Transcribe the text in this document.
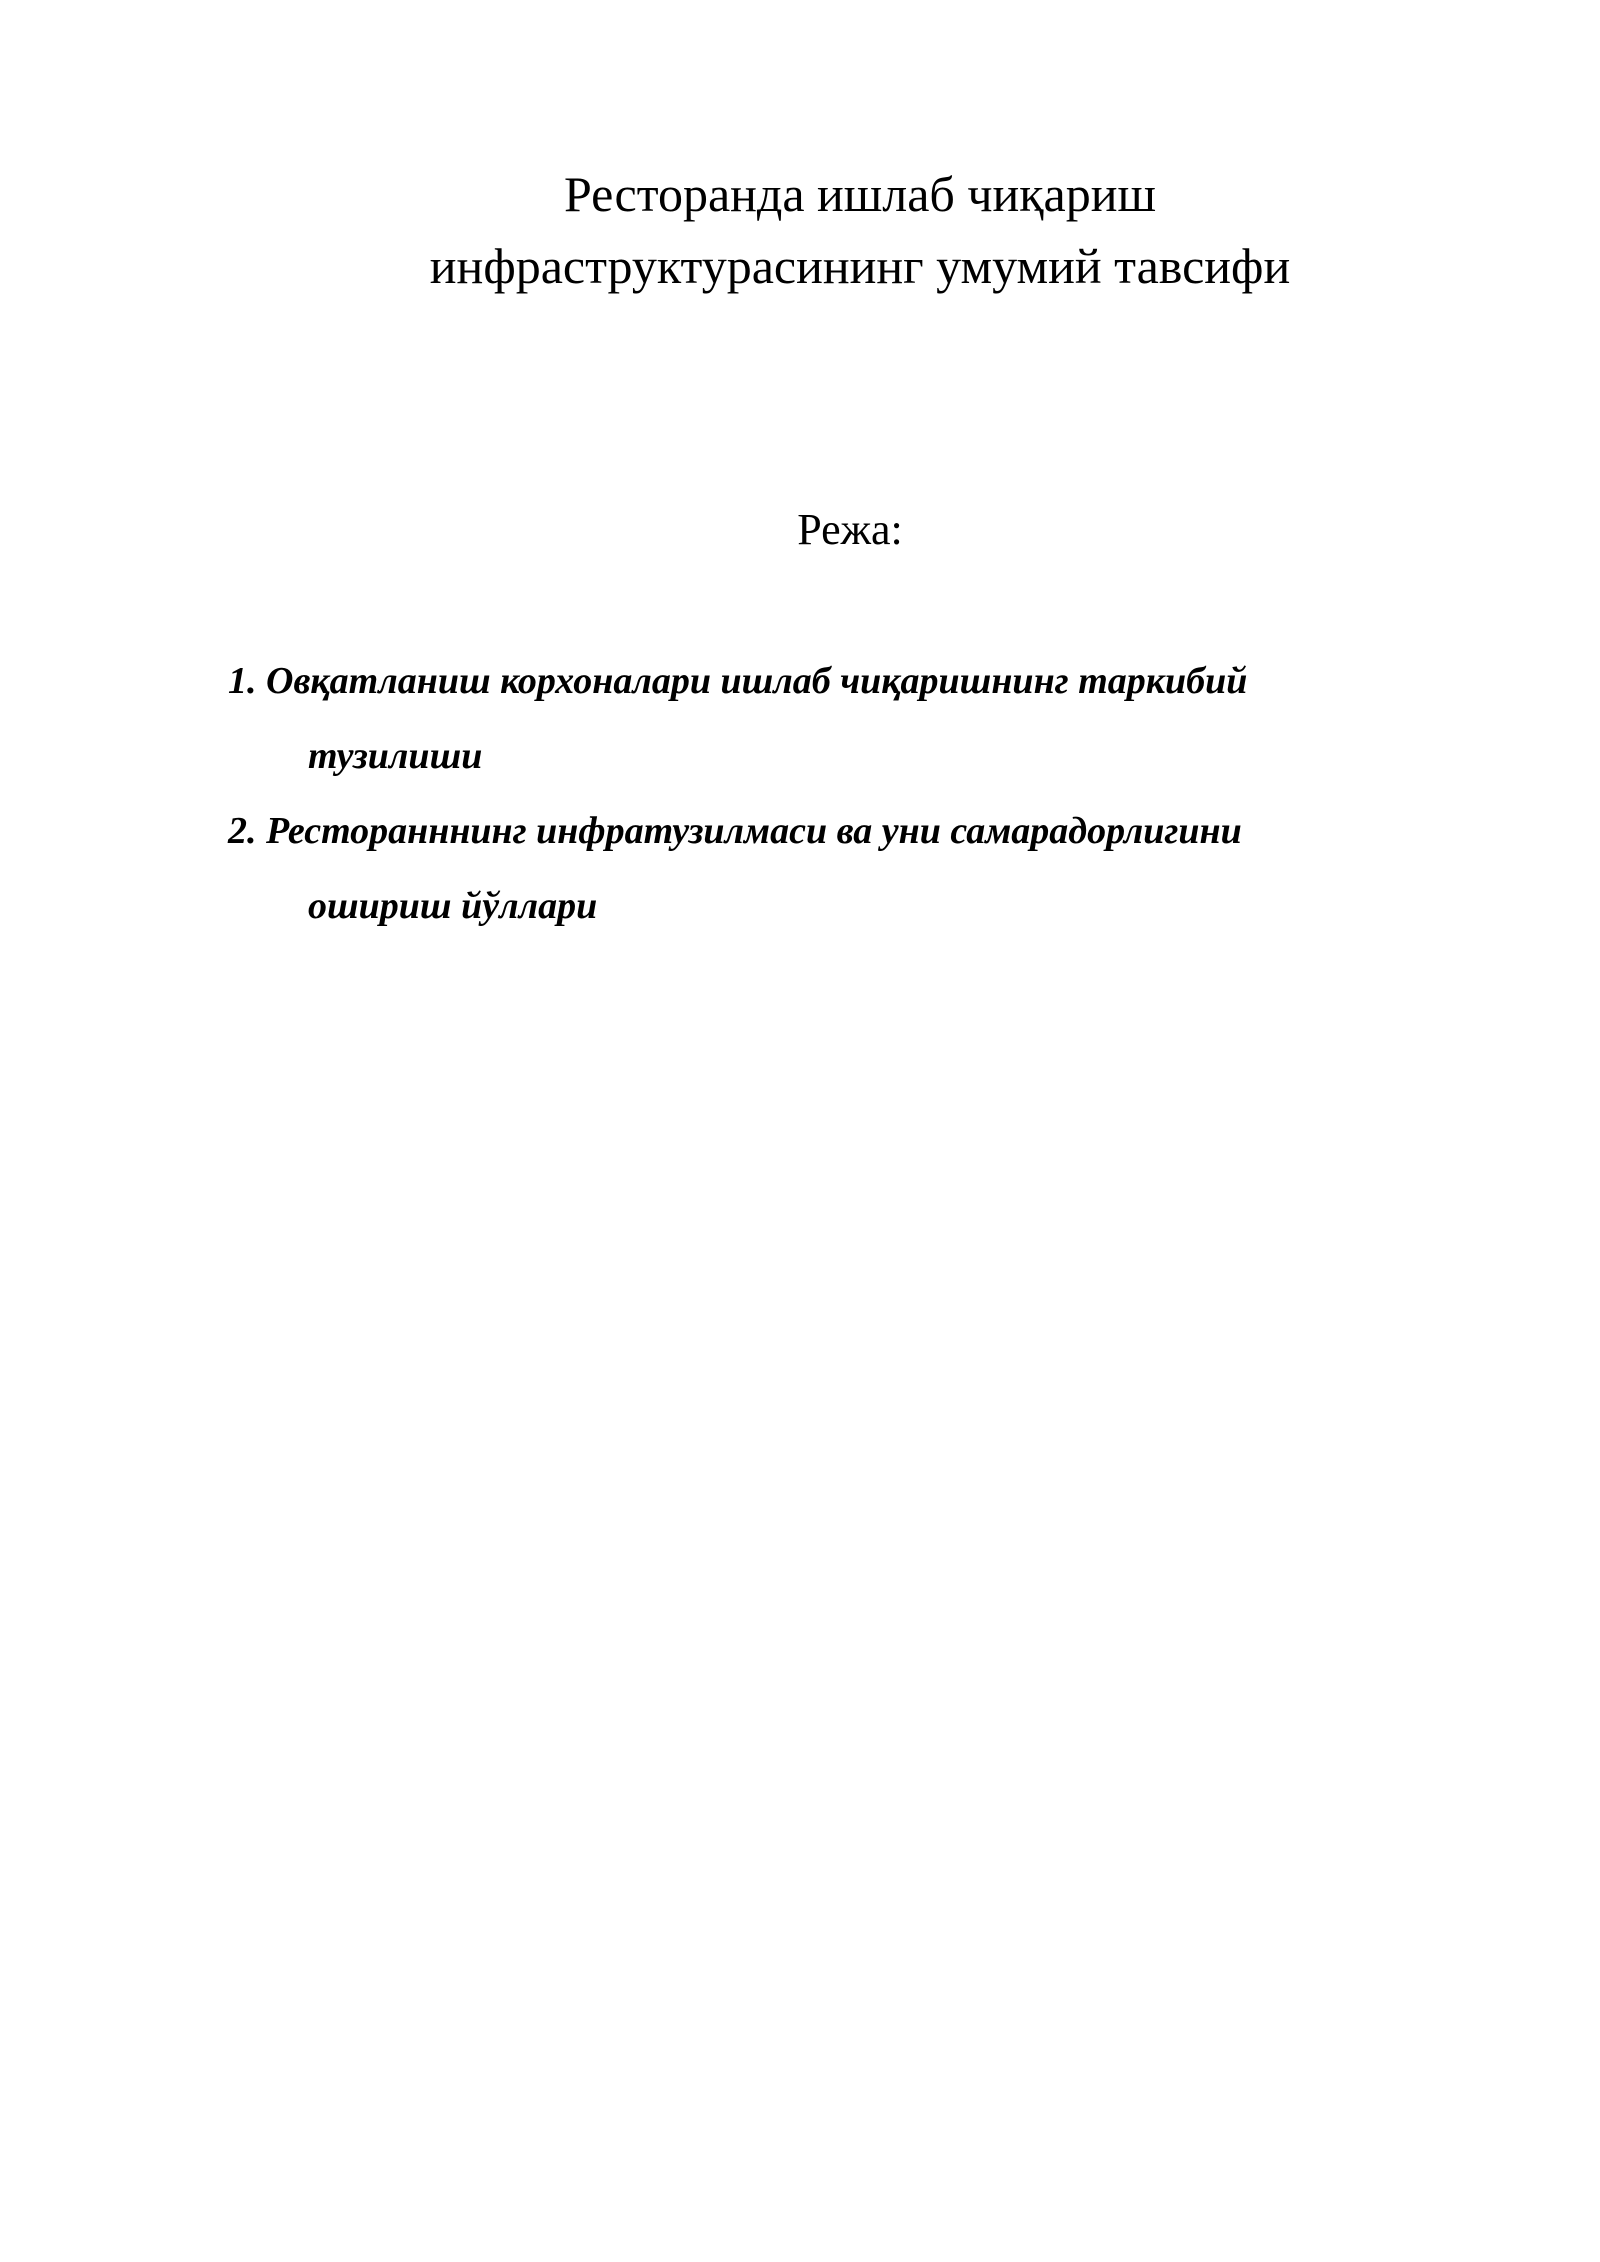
Ресторанда ишлаб чиқариш
инфраструктурасининг умумий тавсифи

Режа:

1. Овқатланиш корхоналари ишлаб чиқаришнинг таркибий
тузилиши
2. Ресторанннинг инфратузилмаси ва уни самарадорлигини
ошириш йўллари
